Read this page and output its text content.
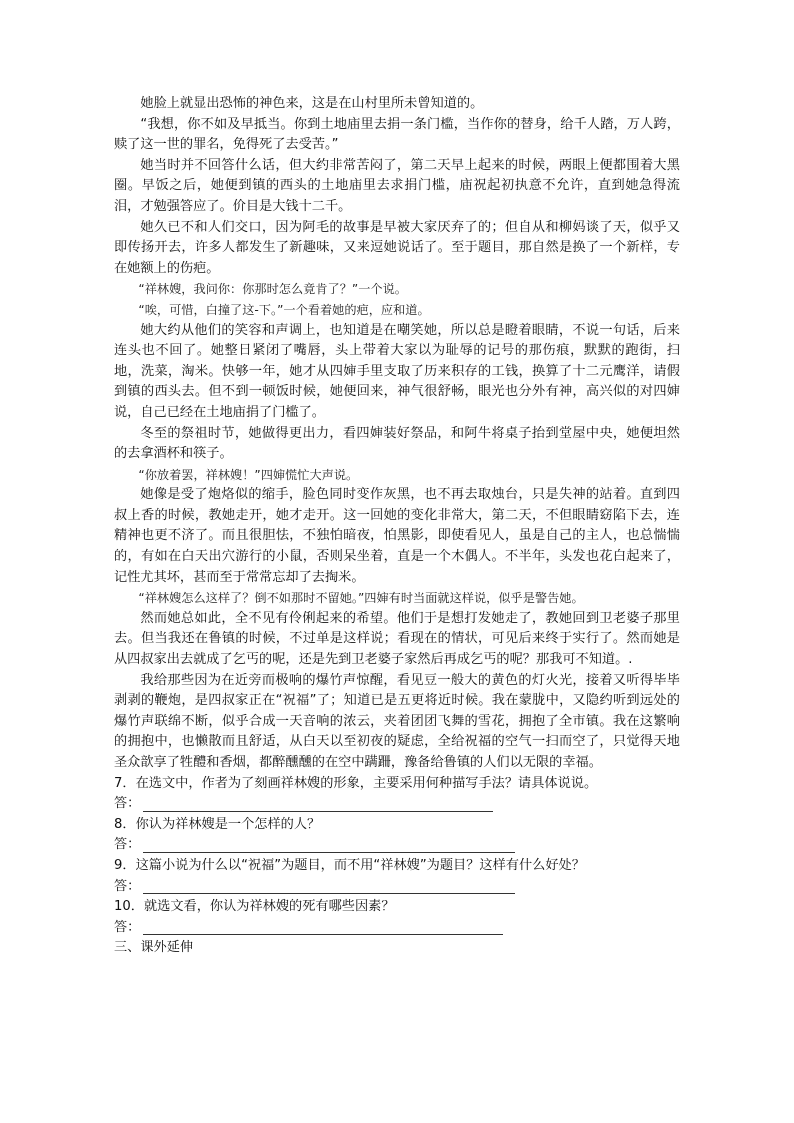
她脸上就显出恐怖的神色来，这是在山村里所未曾知道的。

“我想，你不如及早抵当。你到土地庙里去捐一条门槛，当作你的替身，给千人踏，万人跨，赎了这一世的罪名，免得死了去受苦。”

她当时并不回答什么话，但大约非常苦闷了，第二天早上起来的时候，两眼上便都围着大黑圈。早饭之后，她便到镇的西头的土地庙里去求捐门槛，庙祝起初执意不允许，直到她急得流泪，才勉强答应了。价目是大钱十二千。

她久已不和人们交口，因为阿毛的故事是早被大家厌弃了的；但自从和柳妈谈了天，似乎又即传扬开去，许多人都发生了新趣味，又来逗她说话了。至于题目，那自然是换了一个新样，专在她额上的伤疤。

“祥林嫂，我问你：你那时怎么竟肯了？”一个说。

“唉，可惜，白撞了这-下。”一个看着她的疤，应和道。

她大约从他们的笑容和声调上，也知道是在嘲笑她，所以总是瞪着眼睛，不说一句话，后来连头也不回了。她整日紧闭了嘴唇，头上带着大家以为耻辱的记号的那伤痕，默默的跑街，扫地，洗菜，淘米。快够一年，她才从四婶手里支取了历来积存的工钱，换算了十二元鹰洋，请假到镇的西头去。但不到一顿饭时候，她便回来，神气很舒畅，眼光也分外有神，高兴似的对四婶说，自己已经在土地庙捐了门槛了。

冬至的祭祖时节，她做得更出力，看四婶装好祭品，和阿牛将桌子抬到堂屋中央，她便坦然的去拿酒杯和筷子。

“你放着罢，祥林嫂！”四婶慌忙大声说。

她像是受了炮烙似的缩手，脸色同时变作灰黑，也不再去取烛台，只是失神的站着。直到四叔上香的时候，教她走开，她才走开。这一回她的变化非常大，第二天，不但眼睛窈陷下去，连精神也更不济了。而且很胆怯，不独怕暗夜，怕黑影，即使看见人，虽是自己的主人，也总惴惴的，有如在白天出穴游行的小鼠，否则呆坐着，直是一个木偶人。不半年，头发也花白起来了，记性尤其坏，甚而至于常常忘却了去掏米。

“祥林嫂怎么这样了？倒不如那时不留她。”四婶有时当面就这样说，似乎是警告她。

然而她总如此，全不见有伶俐起来的希望。他们于是想打发她走了，教她回到卫老婆子那里去。但当我还在鲁镇的时候，不过单是这样说；看现在的情状，可见后来终于实行了。然而她是从四叔家出去就成了乞丐的呢，还是先到卫老婆子家然后再成乞丐的呢？那我可不知道。.

我给那些因为在近旁而极响的爆竹声惊醒，看见豆一般大的黄色的灯火光，接着又听得毕毕剥剥的鞭炮，是四叔家正在“祝福”了；知道已是五更将近时候。我在蒙胧中，又隐约听到远处的爆竹声联绵不断，似乎合成一天音响的浓云，夹着团团飞舞的雪花，拥抱了全市镇。我在这繁响的拥抱中，也懒散而且舒适，从白天以至初夜的疑虑，全给祝福的空气一扫而空了，只觉得天地圣众歆享了牲醴和香烟，都醉醺醺的在空中蹒跚，豫备给鲁镇的人们以无限的幸福。

7．在选文中，作者为了刻画祥林嫂的形象，主要采用何种描写手法？请具体说说。

答：

8．你认为祥林嫂是一个怎样的人？

答：

9．这篇小说为什么以“祝福”为题目，而不用“祥林嫂”为题目？这样有什么好处？

答：

10．就选文看，你认为祥林嫂的死有哪些因素？

答：

三、课外延伸
